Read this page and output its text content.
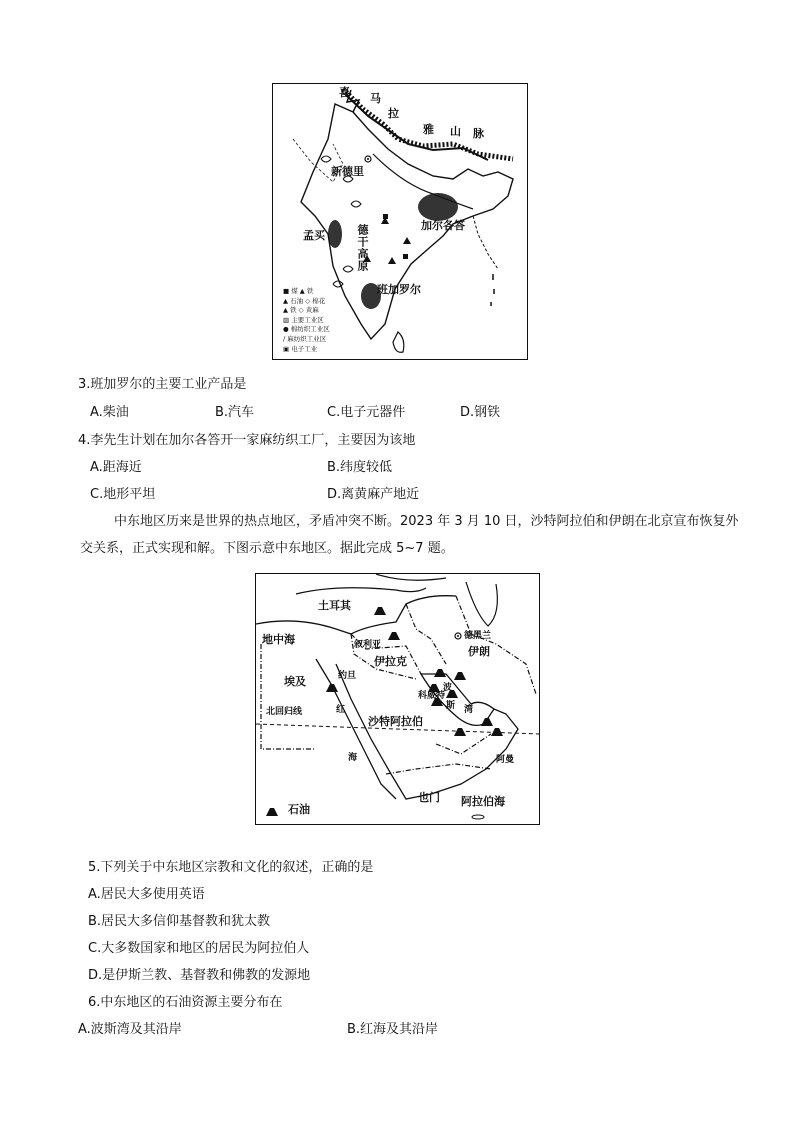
喜 马
拉
雅 山 脉
新德里
加尔各答
孟买	德干高原
班加罗尔
■ 煤 ▲ 铁
▲ 石油 ◇ 棉花
▲ 铁 ◇ 黄麻
▨ 主要工业区
● 棉纺织工业区
∕ 麻纺织工业区
▣ 电子工业
3.班加罗尔的主要工业产品是
A.柴油	B.汽车	C.电子元器件	D.钢铁
4.李先生计划在加尔各答开一家麻纺织工厂，主要因为该地
A.距海近	B.纬度较低
C.地形平坦	D.离黄麻产地近
中东地区历来是世界的热点地区，矛盾冲突不断。2023 年 3 月 10 日，沙特阿拉伯和伊朗在北京宣布恢复外交关系，正式实现和解。下图示意中东地区。据此完成 5~7 题。
土耳其
地中海	叙利亚
德黑兰
伊朗
伊拉克
埃及	约旦
科威特
波
斯 湾
北回归线	红
海
沙特阿拉伯
阿曼
也门 阿拉伯海
石油
5.下列关于中东地区宗教和文化的叙述，正确的是
A.居民大多使用英语
B.居民大多信仰基督教和犹太教
C.大多数国家和地区的居民为阿拉伯人
D.是伊斯兰教、基督教和佛教的发源地
6.中东地区的石油资源主要分布在
A.波斯湾及其沿岸	B.红海及其沿岸
